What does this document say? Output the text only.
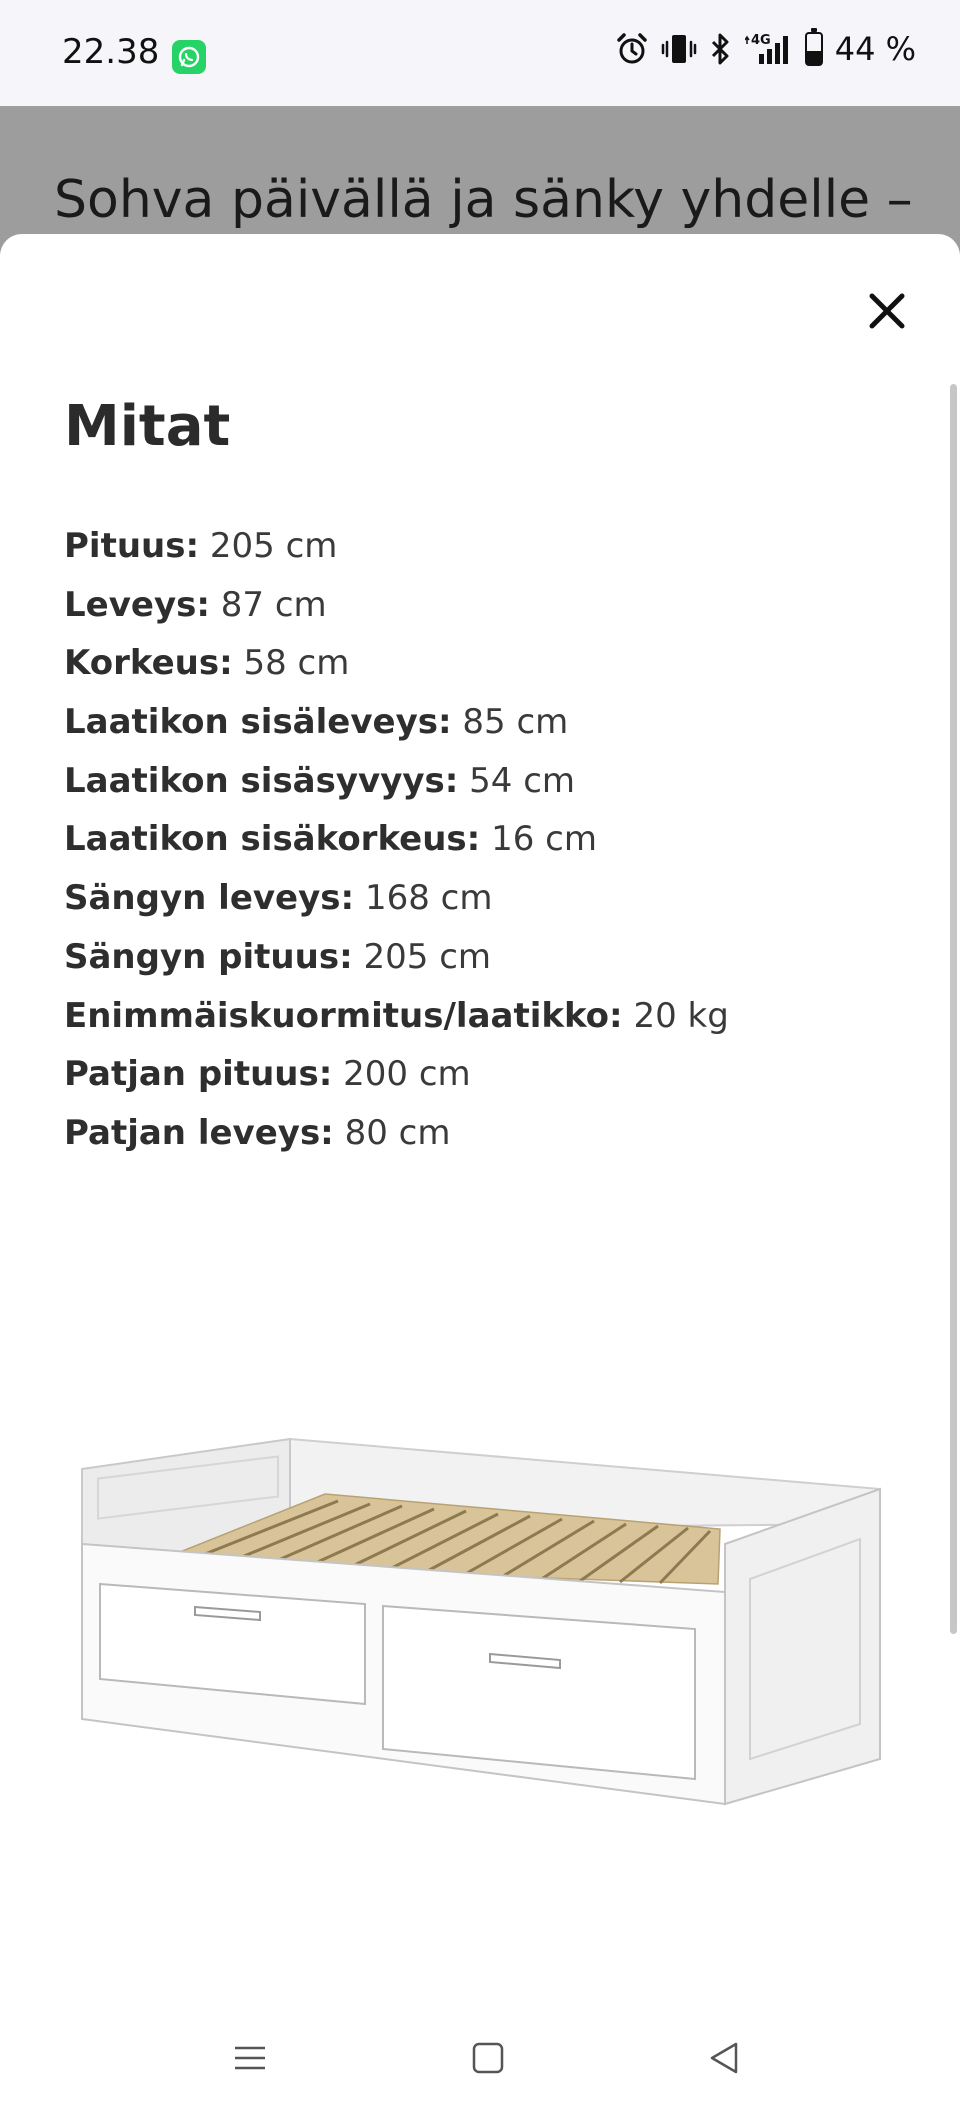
22.38	4G 44 %
Sohva päivällä ja sänky yhdelle –
Mitat
Pituus: 205 cm
Leveys: 87 cm
Korkeus: 58 cm
Laatikon sisäleveys: 85 cm
Laatikon sisäsyvyys: 54 cm
Laatikon sisäkorkeus: 16 cm
Sängyn leveys: 168 cm
Sängyn pituus: 205 cm
Enimmäiskuormitus/laatikko: 20 kg
Patjan pituus: 200 cm
Patjan leveys: 80 cm
